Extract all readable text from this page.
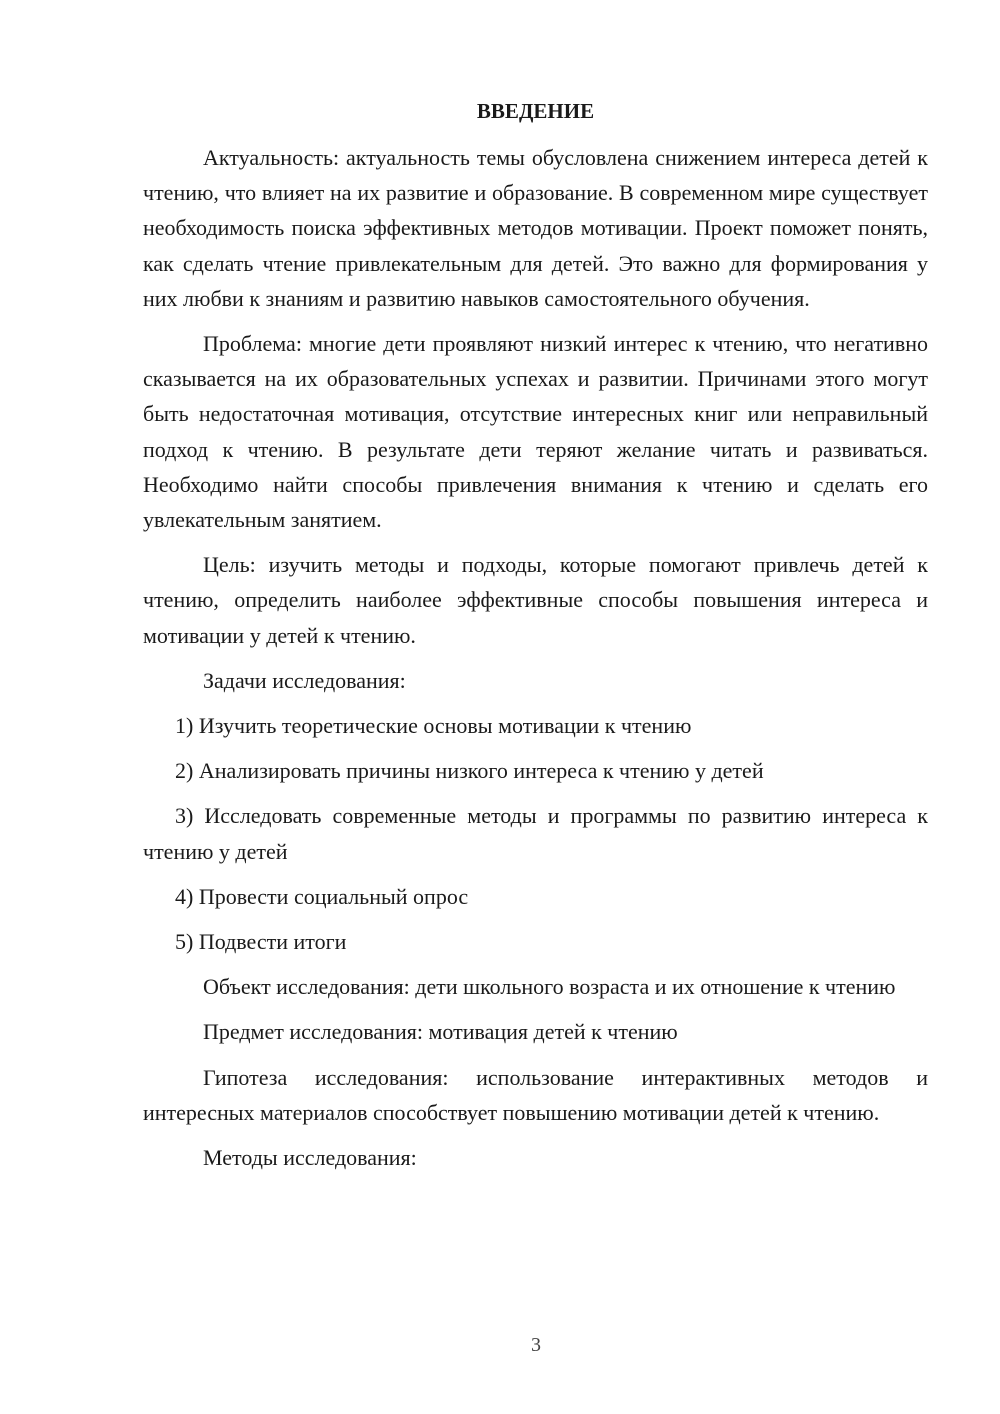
ВВЕДЕНИЕ

Актуальность: актуальность темы обусловлена снижением интереса детей к чтению, что влияет на их развитие и образование. В современном мире существует необходимость поиска эффективных методов мотивации. Проект поможет понять, как сделать чтение привлекательным для детей. Это важно для формирования у них любви к знаниям и развитию навыков самостоятельного обучения.

Проблема: многие дети проявляют низкий интерес к чтению, что негативно сказывается на их образовательных успехах и развитии. Причинами этого могут быть недостаточная мотивация, отсутствие интересных книг или неправильный подход к чтению. В результате дети теряют желание читать и развиваться. Необходимо найти способы привлечения внимания к чтению и сделать его увлекательным занятием.

Цель: изучить методы и подходы, которые помогают привлечь детей к чтению, определить наиболее эффективные способы повышения интереса и мотивации у детей к чтению.

Задачи исследования:

1) Изучить теоретические основы мотивации к чтению

2) Анализировать причины низкого интереса к чтению у детей

3) Исследовать современные методы и программы по развитию интереса к чтению у детей

4) Провести социальный опрос

5) Подвести итоги

Объект исследования: дети школьного возраста и их отношение к чтению

Предмет исследования: мотивация детей к чтению

Гипотеза исследования: использование интерактивных методов и интересных материалов способствует повышению мотивации детей к чтению.

Методы исследования:

3
